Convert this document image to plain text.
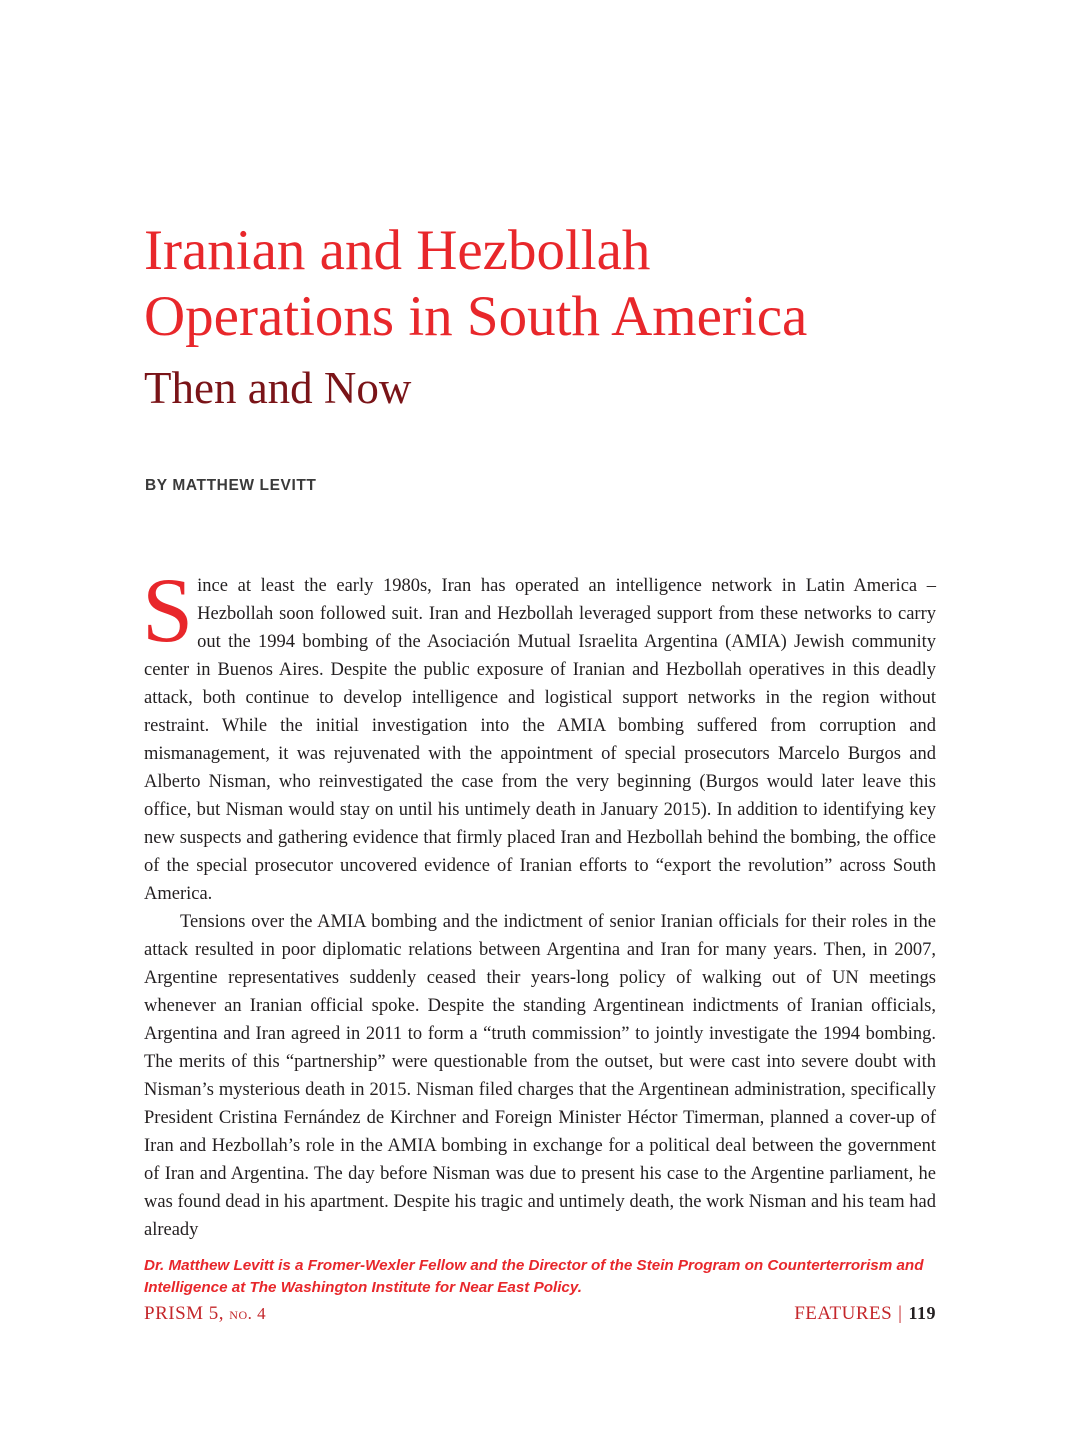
Iranian and Hezbollah
Operations in South America
Then and Now

BY MATTHEW LEVITT

Since at least the early 1980s, Iran has operated an intelligence network in Latin America – Hezbollah soon followed suit. Iran and Hezbollah leveraged support from these networks to carry out the 1994 bombing of the Asociación Mutual Israelita Argentina (AMIA) Jewish community center in Buenos Aires. Despite the public exposure of Iranian and Hezbollah operatives in this deadly attack, both continue to develop intelligence and logistical support networks in the region without restraint. While the initial investigation into the AMIA bombing suffered from corruption and mismanagement, it was rejuvenated with the appointment of special prosecutors Marcelo Burgos and Alberto Nisman, who reinvestigated the case from the very beginning (Burgos would later leave this office, but Nisman would stay on until his untimely death in January 2015). In addition to identifying key new suspects and gathering evidence that firmly placed Iran and Hezbollah behind the bombing, the office of the special prosecutor uncovered evidence of Iranian efforts to “export the revolution” across South America.

Tensions over the AMIA bombing and the indictment of senior Iranian officials for their roles in the attack resulted in poor diplomatic relations between Argentina and Iran for many years. Then, in 2007, Argentine representatives suddenly ceased their years-long policy of walking out of UN meetings whenever an Iranian official spoke. Despite the standing Argentinean indictments of Iranian officials, Argentina and Iran agreed in 2011 to form a “truth commission” to jointly investigate the 1994 bombing. The merits of this “partnership” were questionable from the outset, but were cast into severe doubt with Nisman’s mysterious death in 2015. Nisman filed charges that the Argentinean administration, specifically President Cristina Fernández de Kirchner and Foreign Minister Héctor Timerman, planned a cover-up of Iran and Hezbollah’s role in the AMIA bombing in exchange for a political deal between the government of Iran and Argentina. The day before Nisman was due to present his case to the Argentine parliament, he was found dead in his apartment. Despite his tragic and untimely death, the work Nisman and his team had already

Dr. Matthew Levitt is a Fromer-Wexler Fellow and the Director of the Stein Program on Counterterrorism and Intelligence at The Washington Institute for Near East Policy.

PRISM 5, no. 4	FEATURES | 119
